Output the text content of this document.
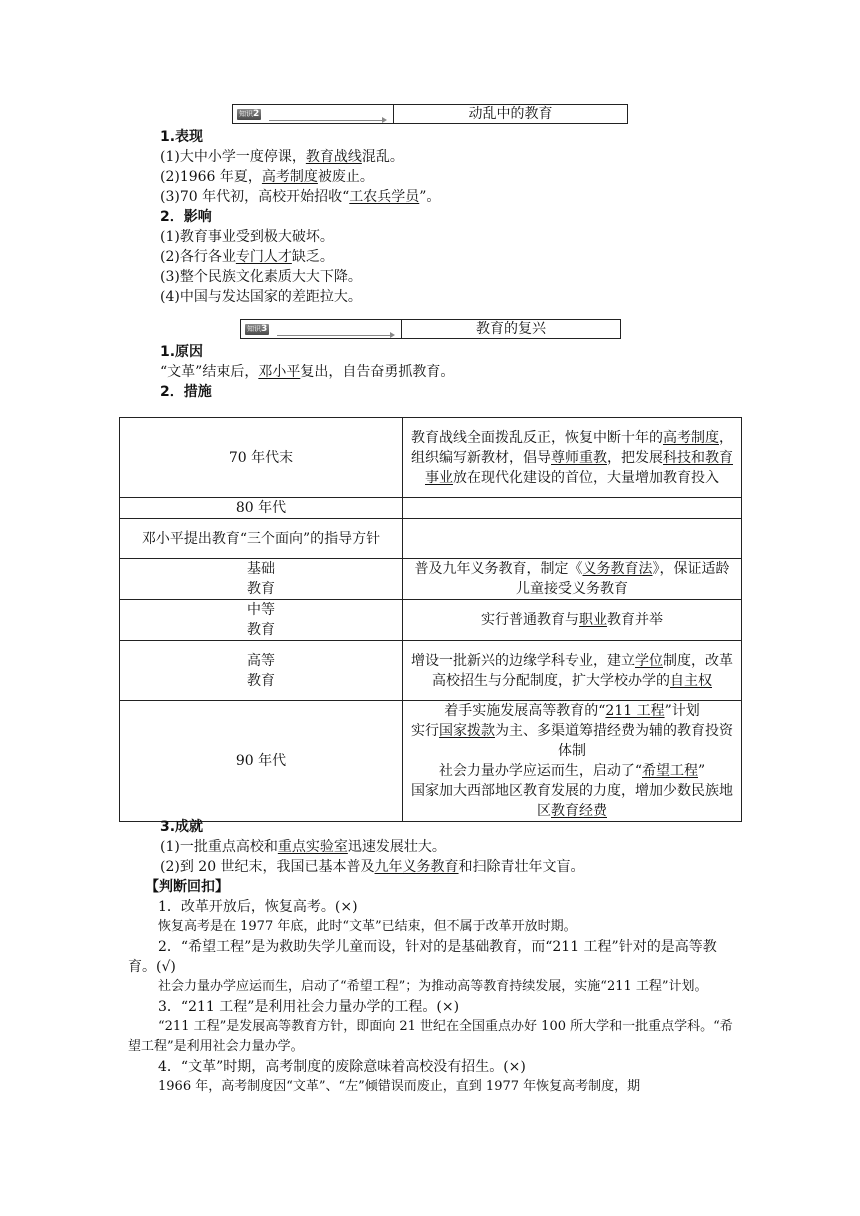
知识2	动乱中的教育

1.表现

(1)大中小学一度停课，教育战线混乱。

(2)1966 年夏，高考制度被废止。

(3)70 年代初，高校开始招收“工农兵学员”。

2．影响

(1)教育事业受到极大破坏。

(2)各行各业专门人才缺乏。

(3)整个民族文化素质大大下降。

(4)中国与发达国家的差距拉大。

知识3	教育的复兴

1.原因

“文革”结束后，邓小平复出，自告奋勇抓教育。

2．措施

70 年代末	教育战线全面拨乱反正，恢复中断十年的高考制度，组织编写新教材，倡导尊师重教，把发展科技和教育事业放在现代化建设的首位，大量增加教育投入
80 年代	
邓小平提出教育“三个面向”的指导方针	
基础
教育	普及九年义务教育，制定《义务教育法》，保证适龄儿童接受义务教育
中等
教育	实行普通教育与职业教育并举
高等
教育	增设一批新兴的边缘学科专业，建立学位制度，改革高校招生与分配制度，扩大学校办学的自主权
90 年代	着手实施发展高等教育的“211 工程”计划
实行国家拨款为主、多渠道筹措经费为辅的教育投资体制
社会力量办学应运而生，启动了“希望工程”
国家加大西部地区教育发展的力度，增加少数民族地区教育经费

3.成就

(1)一批重点高校和重点实验室迅速发展壮大。

(2)到 20 世纪末，我国已基本普及九年义务教育和扫除青壮年文盲。

【判断回扣】

1．改革开放后，恢复高考。(×)

恢复高考是在 1977 年底，此时“文革”已结束，但不属于改革开放时期。

2．“希望工程”是为救助失学儿童而设，针对的是基础教育，而“211 工程”针对的是高等教育。(√)

社会力量办学应运而生，启动了“希望工程”；为推动高等教育持续发展，实施“211 工程”计划。

3．“211 工程”是利用社会力量办学的工程。(×)

“211 工程”是发展高等教育方针，即面向 21 世纪在全国重点办好 100 所大学和一批重点学科。“希望工程”是利用社会力量办学。

4．“文革”时期，高考制度的废除意味着高校没有招生。(×)

1966 年，高考制度因“文革”、“左”倾错误而废止，直到 1977 年恢复高考制度，期
